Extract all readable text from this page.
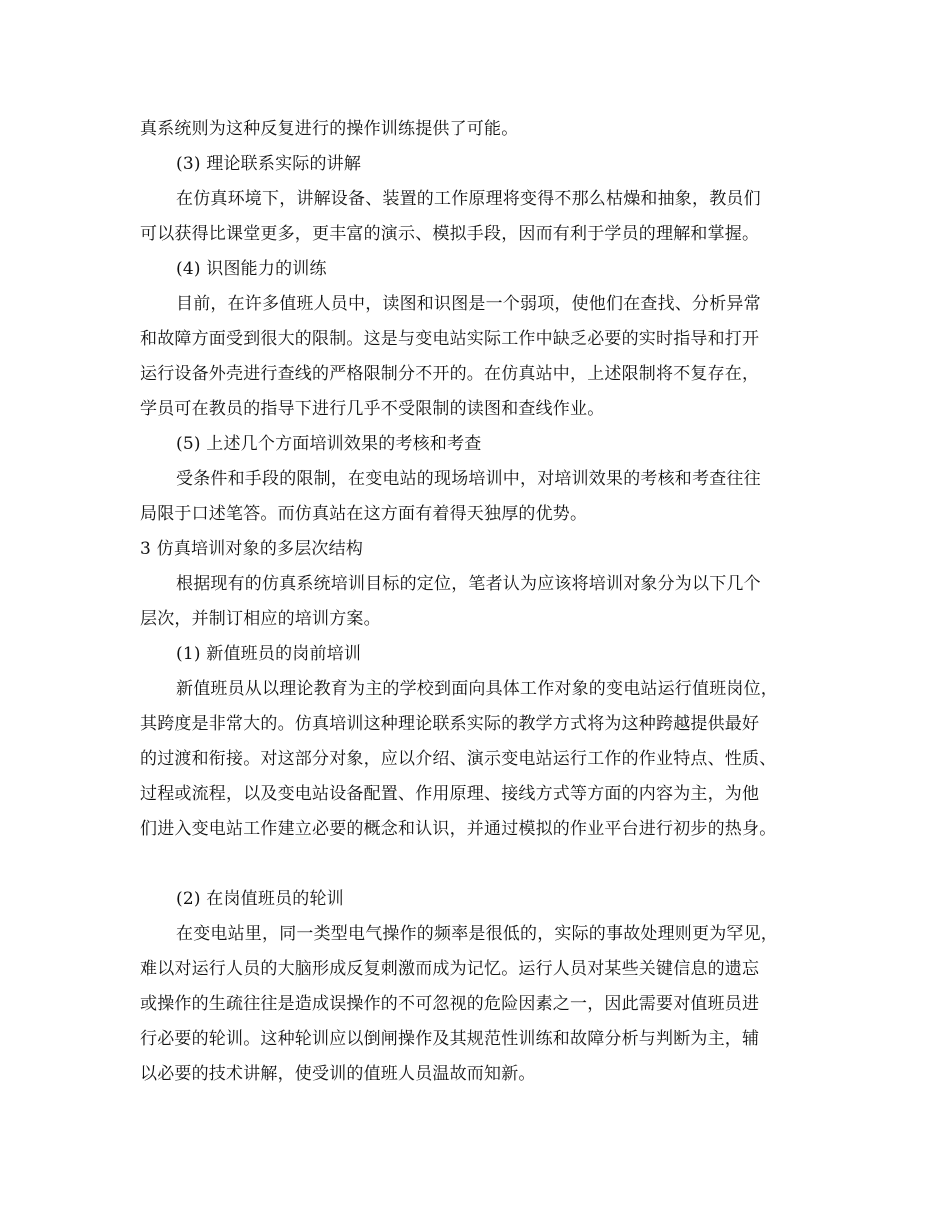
真系统则为这种反复进行的操作训练提供了可能。
(3) 理论联系实际的讲解
在仿真环境下，讲解设备、装置的工作原理将变得不那么枯燥和抽象，教员们
可以获得比课堂更多，更丰富的演示、模拟手段，因而有利于学员的理解和掌握。
(4) 识图能力的训练
目前，在许多值班人员中，读图和识图是一个弱项，使他们在查找、分析异常
和故障方面受到很大的限制。这是与变电站实际工作中缺乏必要的实时指导和打开
运行设备外壳进行查线的严格限制分不开的。在仿真站中，上述限制将不复存在，
学员可在教员的指导下进行几乎不受限制的读图和查线作业。
(5) 上述几个方面培训效果的考核和考查
受条件和手段的限制，在变电站的现场培训中，对培训效果的考核和考查往往
局限于口述笔答。而仿真站在这方面有着得天独厚的优势。
3 仿真培训对象的多层次结构
根据现有的仿真系统培训目标的定位，笔者认为应该将培训对象分为以下几个
层次，并制订相应的培训方案。
(1) 新值班员的岗前培训
新值班员从以理论教育为主的学校到面向具体工作对象的变电站运行值班岗位，
其跨度是非常大的。仿真培训这种理论联系实际的教学方式将为这种跨越提供最好
的过渡和衔接。对这部分对象，应以介绍、演示变电站运行工作的作业特点、性质、
过程或流程，以及变电站设备配置、作用原理、接线方式等方面的内容为主，为他
们进入变电站工作建立必要的概念和认识，并通过模拟的作业平台进行初步的热身。
(2) 在岗值班员的轮训
在变电站里，同一类型电气操作的频率是很低的，实际的事故处理则更为罕见，
难以对运行人员的大脑形成反复刺激而成为记忆。运行人员对某些关键信息的遗忘
或操作的生疏往往是造成误操作的不可忽视的危险因素之一，因此需要对值班员进
行必要的轮训。这种轮训应以倒闸操作及其规范性训练和故障分析与判断为主，辅
以必要的技术讲解，使受训的值班人员温故而知新。
